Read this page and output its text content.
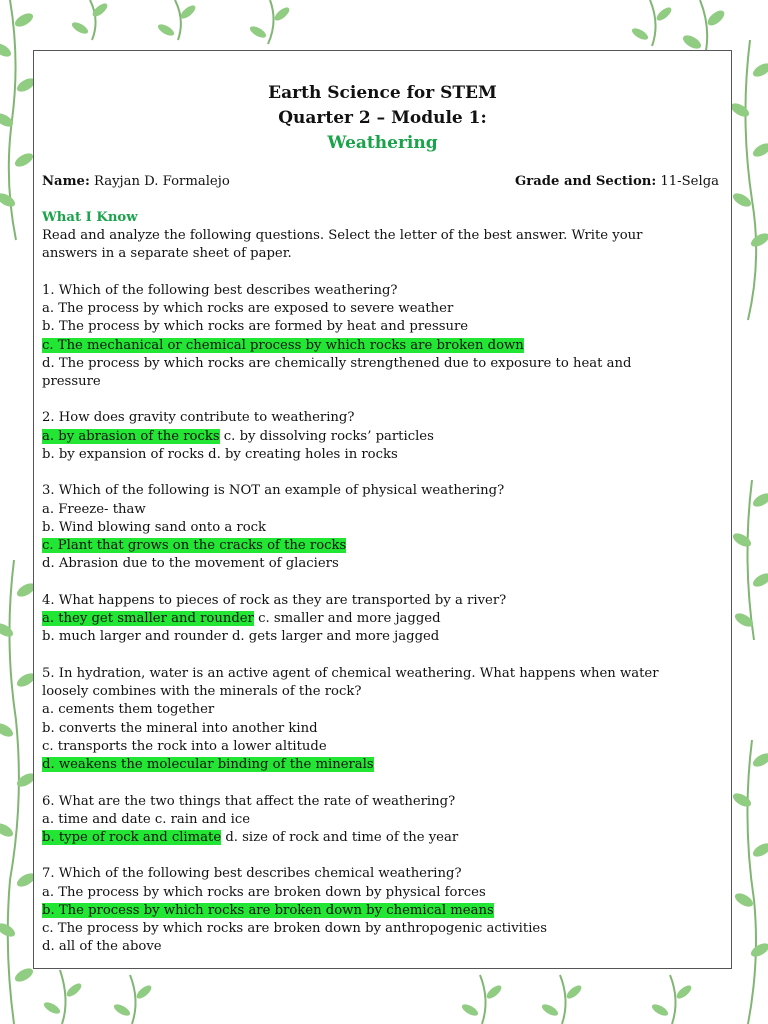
Earth Science for STEM
Quarter 2 – Module 1:
Weathering
Name: Rayjan D. Formalejo	Grade and Section: 11-Selga
What I Know
Read and analyze the following questions. Select the letter of the best answer. Write your
answers in a separate sheet of paper.
1. Which of the following best describes weathering?
a. The process by which rocks are exposed to severe weather
b. The process by which rocks are formed by heat and pressure
c. The mechanical or chemical process by which rocks are broken down
d. The process by which rocks are chemically strengthened due to exposure to heat and
pressure
2. How does gravity contribute to weathering?
a. by abrasion of the rocks c. by dissolving rocks’ particles
b. by expansion of rocks d. by creating holes in rocks
3. Which of the following is NOT an example of physical weathering?
a. Freeze- thaw
b. Wind blowing sand onto a rock
c. Plant that grows on the cracks of the rocks
d. Abrasion due to the movement of glaciers
4. What happens to pieces of rock as they are transported by a river?
a. they get smaller and rounder c. smaller and more jagged
b. much larger and rounder d. gets larger and more jagged
5. In hydration, water is an active agent of chemical weathering. What happens when water
loosely combines with the minerals of the rock?
a. cements them together
b. converts the mineral into another kind
c. transports the rock into a lower altitude
d. weakens the molecular binding of the minerals
6. What are the two things that affect the rate of weathering?
a. time and date c. rain and ice
b. type of rock and climate d. size of rock and time of the year
7. Which of the following best describes chemical weathering?
a. The process by which rocks are broken down by physical forces
b. The process by which rocks are broken down by chemical means
c. The process by which rocks are broken down by anthropogenic activities
d. all of the above
